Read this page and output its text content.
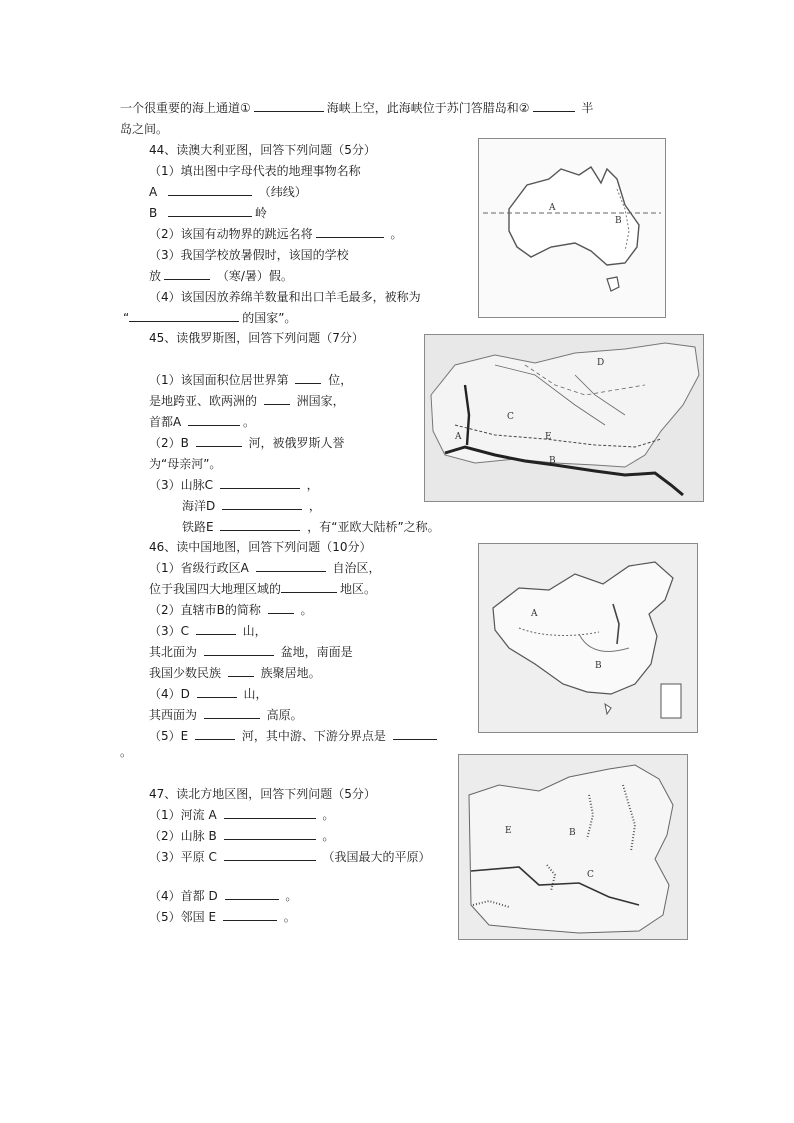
一个很重要的海上通道①	海峡上空，此海峡位于苏门答腊岛和②	半
岛之间。
44、读澳大利亚图，回答下列问题（5分）
（1）填出图中字母代表的地理事物名称
A	（纬线）
B	岭
（2）该国有动物界的跳远名将	。
（3）我国学校放暑假时，该国的学校
放	（寒/暑）假。
（4）该国因放养绵羊数量和出口羊毛最多，被称为
“	的国家”。
A
B
45、读俄罗斯图，回答下列问题（7分）
（1）该国面积位居世界第	位，
是地跨亚、欧两洲的	洲国家，
首都A	。
（2）B	河，被俄罗斯人誉
为“母亲河”。
（3）山脉C	，
海洋D	，
铁路E	，有“亚欧大陆桥”之称。
A
B
C
D
E
46、读中国地图，回答下列问题（10分）
（1）省级行政区A	自治区，
位于我国四大地理区域的	地区。
（2）直辖市B的简称	。
（3）C	山，
其北面为	盆地，南面是
我国少数民族	族聚居地。
（4）D	山，
其西面为	高原。
（5）E	河，其中游、下游分界点是
。
A
B
47、读北方地区图，回答下列问题（5分）
（1）河流 A	。
（2）山脉 B	。
（3）平原 C	（我国最大的平原）
（4）首都 D	。
（5）邻国 E	。
E	B
C
